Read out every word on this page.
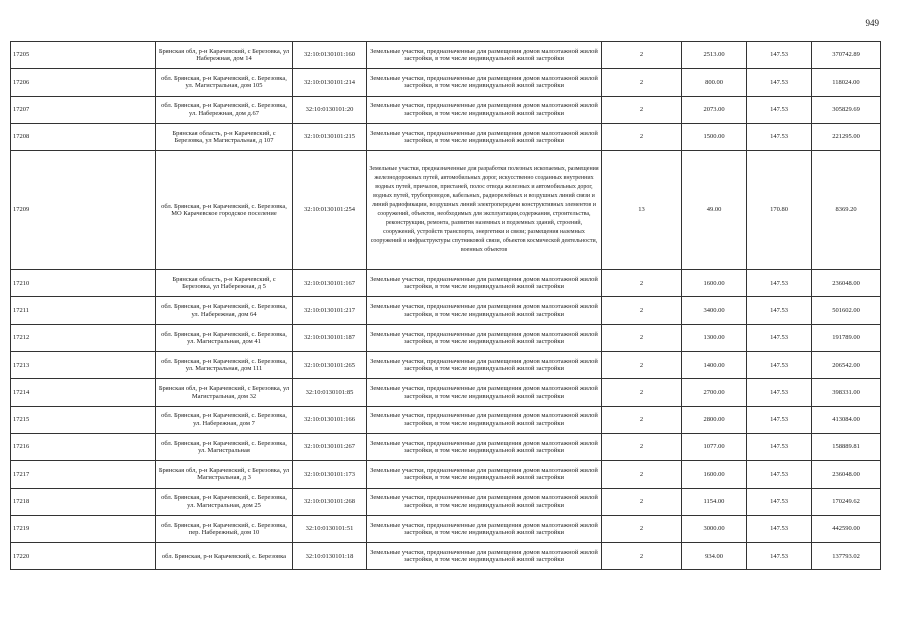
949
17205	Брянская обл, р-н Карачевский, с Березовка, ул Набережная, дом 14	32:10:0130101:160	Земельные участки, предназначенные для размещения домов малоэтажной жилой застройки, в том числе индивидуальной жилой застройки	2	2513.00	147.53	370742.89
17206	обл. Брянская, р-н Карачевский, с. Березовка, ул. Магистральная, дом 105	32:10:0130101:214	Земельные участки, предназначенные для размещения домов малоэтажной жилой застройки, в том числе индивидуальной жилой застройки	2	800.00	147.53	118024.00
17207	обл. Брянская, р-н Карачевский, с. Березовка, ул. Набережная, дом д.67	32:10:0130101:20	Земельные участки, предназначенные для размещения домов малоэтажной жилой застройки, в том числе индивидуальной жилой застройки	2	2073.00	147.53	305829.69
17208	Брянская область, р-н Карачевский, с Березовка, ул Магистральная, д 107	32:10:0130101:215	Земельные участки, предназначенные для размещения домов малоэтажной жилой застройки, в том числе индивидуальной жилой застройки	2	1500.00	147.53	221295.00
17209	обл. Брянская, р-н Карачевский, с. Березовка, МО Карачевское городское поселение	32:10:0130101:254	Земельные участки, предназначенные для разработки полезных ископаемых, размещения железнодорожных путей, автомобильных дорог, искусственно созданных внутренних водных путей, причалов, пристаней, полос отвода железных и автомобильных дорог, водных путей, трубопроводов, кабельных, радиорелейных и воздушных линий связи и линий радиофикации, воздушных линий электропередачи конструктивных элементов и сооружений, объектов, необходимых для эксплуатации,содержания, строительства, реконструкции, ремонта, развития наземных и подземных зданий, строений, сооружений, устройств транспорта, энергетики и связи; размещения наземных сооружений и инфраструктуры спутниковой связи, объектов космической деятельности, военных объектов	13	49.00	170.80	8369.20
17210	Брянская область, р-н Карачевский, с Березовка, ул Набережная, д 5	32:10:0130101:167	Земельные участки, предназначенные для размещения домов малоэтажной жилой застройки, в том числе индивидуальной жилой застройки	2	1600.00	147.53	236048.00
17211	обл. Брянская, р-н Карачевский, с. Березовка, ул. Набережная, дом 64	32:10:0130101:217	Земельные участки, предназначенные для размещения домов малоэтажной жилой застройки, в том числе индивидуальной жилой застройки	2	3400.00	147.53	501602.00
17212	обл. Брянская, р-н Карачевский, с. Березовка, ул. Магистральная, дом 41	32:10:0130101:187	Земельные участки, предназначенные для размещения домов малоэтажной жилой застройки, в том числе индивидуальной жилой застройки	2	1300.00	147.53	191789.00
17213	обл. Брянская, р-н Карачевский, с. Березовка, ул. Магистральная, дом 111	32:10:0130101:265	Земельные участки, предназначенные для размещения домов малоэтажной жилой застройки, в том числе индивидуальной жилой застройки	2	1400.00	147.53	206542.00
17214	Брянская обл, р-н Карачевский, с Березовка, ул Магистральная, дом 32	32:10:0130101:85	Земельные участки, предназначенные для размещения домов малоэтажной жилой застройки, в том числе индивидуальной жилой застройки	2	2700.00	147.53	398331.00
17215	обл. Брянская, р-н Карачевский, с. Березовка, ул. Набережная, дом 7	32:10:0130101:166	Земельные участки, предназначенные для размещения домов малоэтажной жилой застройки, в том числе индивидуальной жилой застройки	2	2800.00	147.53	413084.00
17216	обл. Брянская, р-н Карачевский, с. Березовка, ул. Магистральная	32:10:0130101:267	Земельные участки, предназначенные для размещения домов малоэтажной жилой застройки, в том числе индивидуальной жилой застройки	2	1077.00	147.53	158889.81
17217	Брянская обл, р-н Карачевский, с Березовка, ул Магистральная, д 3	32:10:0130101:173	Земельные участки, предназначенные для размещения домов малоэтажной жилой застройки, в том числе индивидуальной жилой застройки	2	1600.00	147.53	236048.00
17218	обл. Брянская, р-н Карачевский, с. Березовка, ул. Магистральная, дом 25	32:10:0130101:268	Земельные участки, предназначенные для размещения домов малоэтажной жилой застройки, в том числе индивидуальной жилой застройки	2	1154.00	147.53	170249.62
17219	обл. Брянская, р-н Карачевский, с. Березовка, пер. Набережный, дом 10	32:10:0130101:51	Земельные участки, предназначенные для размещения домов малоэтажной жилой застройки, в том числе индивидуальной жилой застройки	2	3000.00	147.53	442590.00
17220	обл. Брянская, р-н Карачевский, с. Березовка	32:10:0130101:18	Земельные участки, предназначенные для размещения домов малоэтажной жилой застройки, в том числе индивидуальной жилой застройки	2	934.00	147.53	137793.02
